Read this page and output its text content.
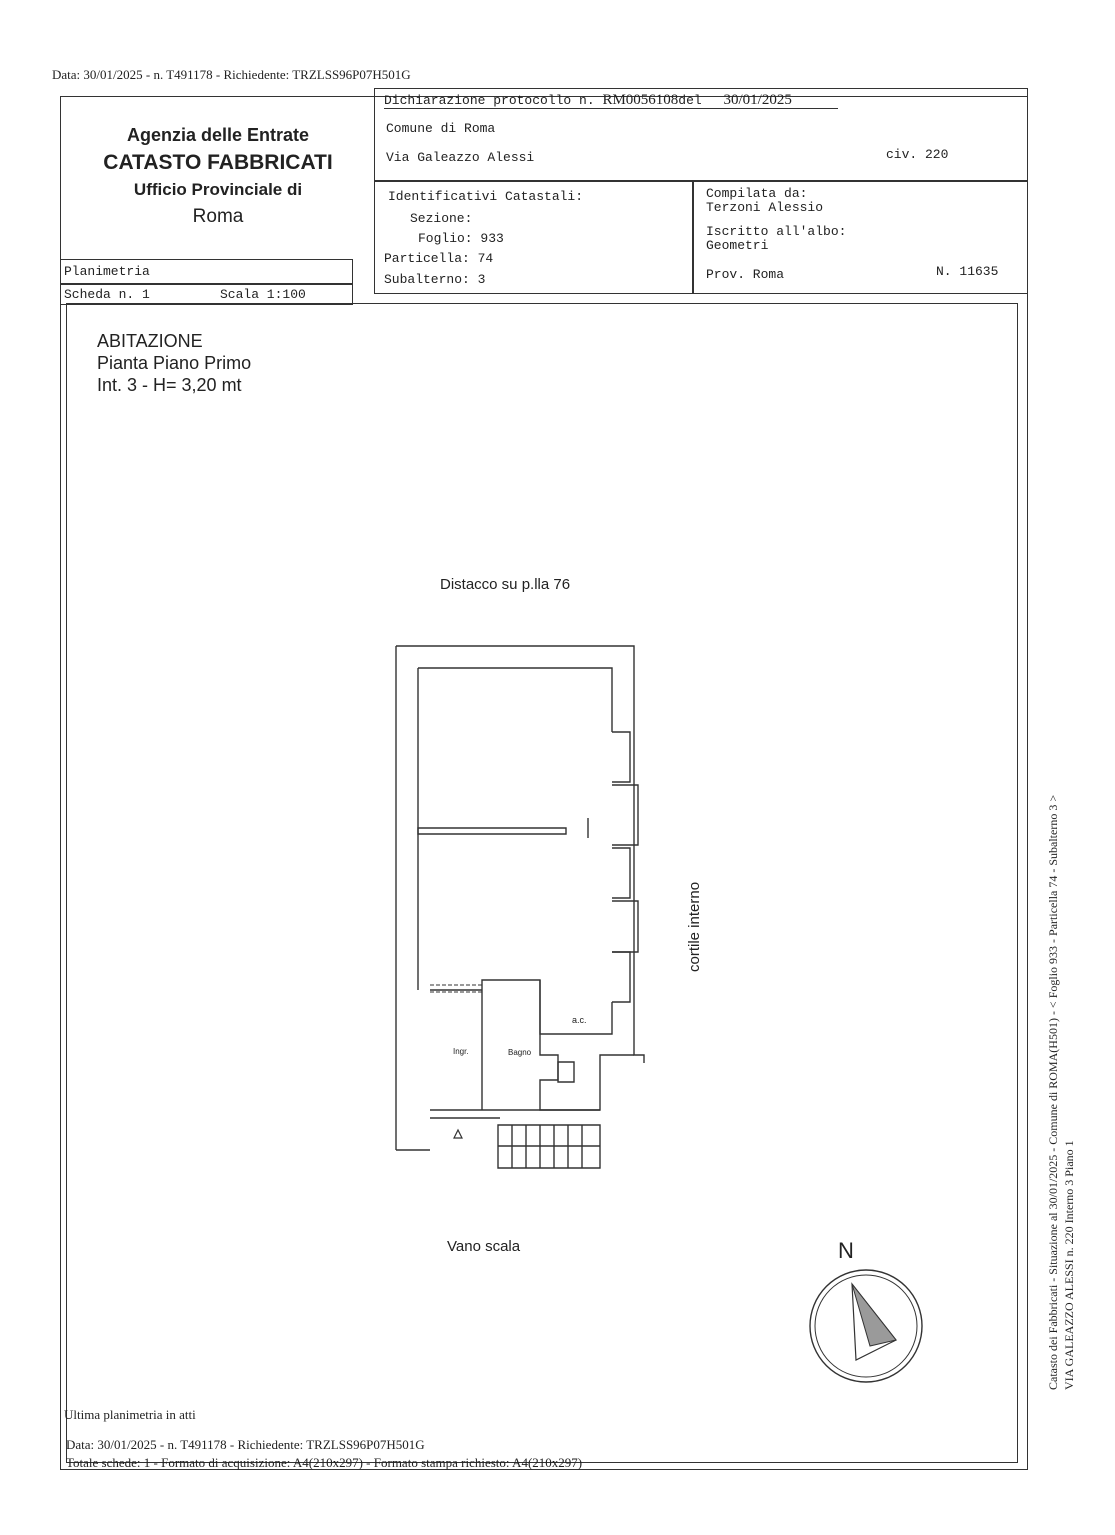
Data: 30/01/2025 - n. T491178 - Richiedente: TRZLSS96P07H501G
Agenzia delle Entrate
CATASTO FABBRICATI
Ufficio Provinciale di
Roma
Dichiarazione protocollo n. RM0056108del 30/01/2025
Comune di Roma
Via Galeazzo Alessi	civ. 220
Identificativi Catastali:
Sezione:
Foglio: 933
Particella: 74
Subalterno: 3
Compilata da:
Terzoni Alessio
Iscritto all'albo:
Geometri
Prov. Roma	N. 11635
Planimetria
Scheda n. 1	Scala 1:100
ABITAZIONE
Pianta Piano Primo
Int. 3 - H= 3,20 mt
Distacco su p.lla 76
Vano scala
cortile interno
a.c.
Ingr.	Bagno
N	Catasto dei Fabbricati - Situazione al 30/01/2025 - Comune di ROMA(H501) - < Foglio 933 - Particella 74 - Subalterno 3 > VIA GALEAZZO ALESSI n. 220 Interno 3 Piano 1
Ultima planimetria in atti
Data: 30/01/2025 - n. T491178 - Richiedente: TRZLSS96P07H501G
Totale schede: 1 - Formato di acquisizione: A4(210x297) - Formato stampa richiesto: A4(210x297)
